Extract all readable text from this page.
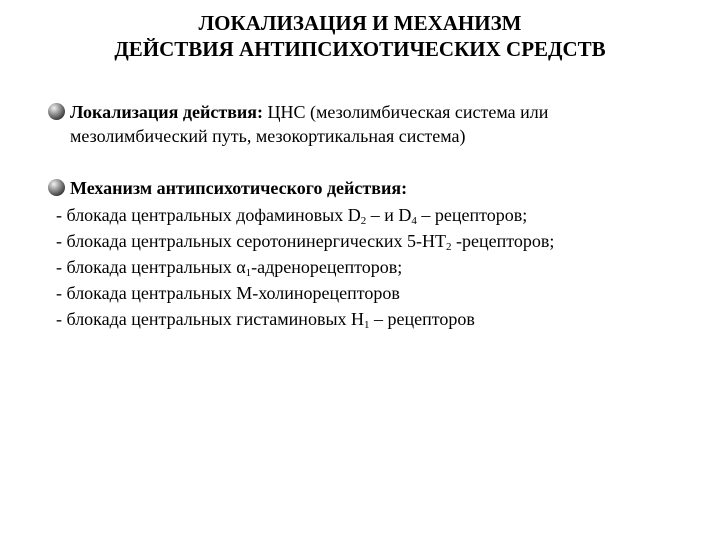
ЛОКАЛИЗАЦИЯ И МЕХАНИЗМ
ДЕЙСТВИЯ АНТИПСИХОТИЧЕСКИХ СРЕДСТВ
Локализация действия: ЦНС (мезолимбическая система или
мезолимбический путь, мезокортикальная система)
Механизм антипсихотического действия:
- блокада центральных дофаминовых $D_2$ – и $D_4$ – рецепторов;
- блокада центральных серотонинергических $5-НТ_2$ -рецепторов;
- блокада центральных $\alpha_1$-адренорецепторов;
- блокада центральных М-холинорецепторов
- блокада центральных гистаминовых $Н_1$ – рецепторов
